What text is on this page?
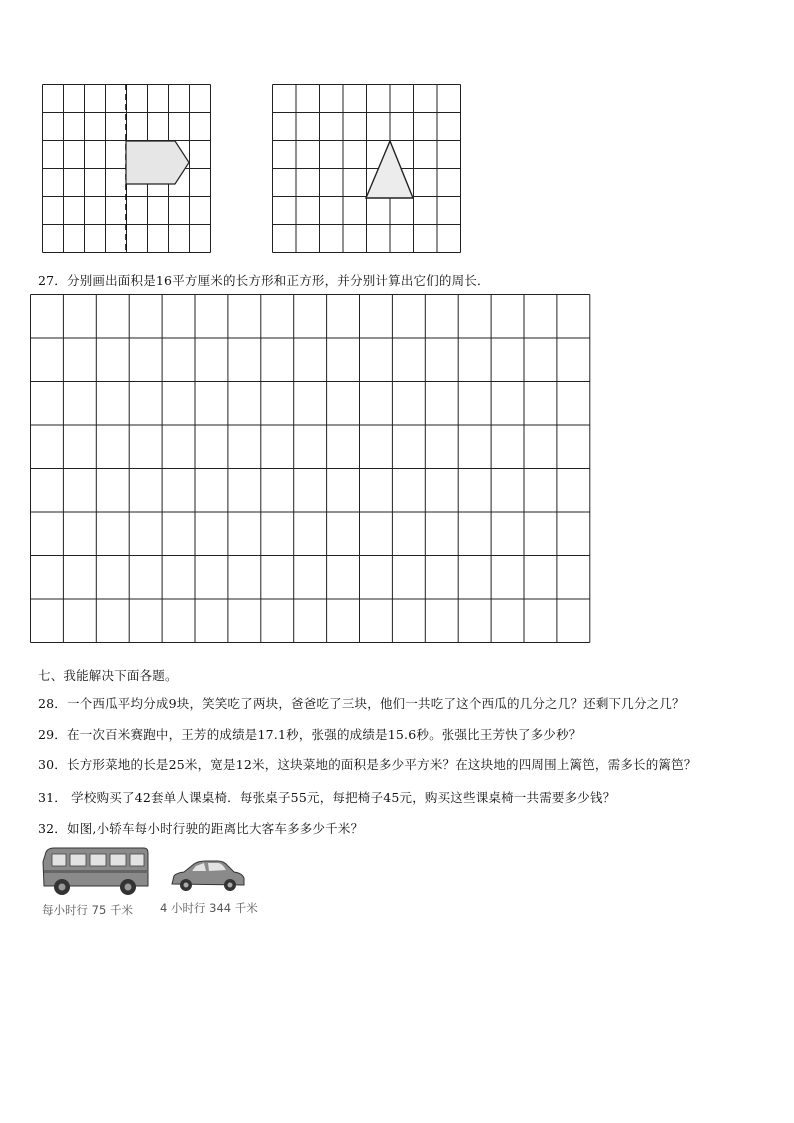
27．分别画出面积是16平方厘米的长方形和正方形，并分别计算出它们的周长．
七、我能解决下面各题。
28．一个西瓜平均分成9块，笑笑吃了两块，爸爸吃了三块，他们一共吃了这个西瓜的几分之几？还剩下几分之几？
29．在一次百米赛跑中，王芳的成绩是17.1秒，张强的成绩是15.6秒。张强比王芳快了多少秒？
30．长方形菜地的长是25米，宽是12米，这块菜地的面积是多少平方米？在这块地的四周围上篱笆，需多长的篱笆？
31． 学校购买了42套单人课桌椅．每张桌子55元，每把椅子45元，购买这些课桌椅一共需要多少钱？
32．如图,小轿车每小时行驶的距离比大客车多多少千米？
每小时行 75 千米 4 小时行 344 千米
